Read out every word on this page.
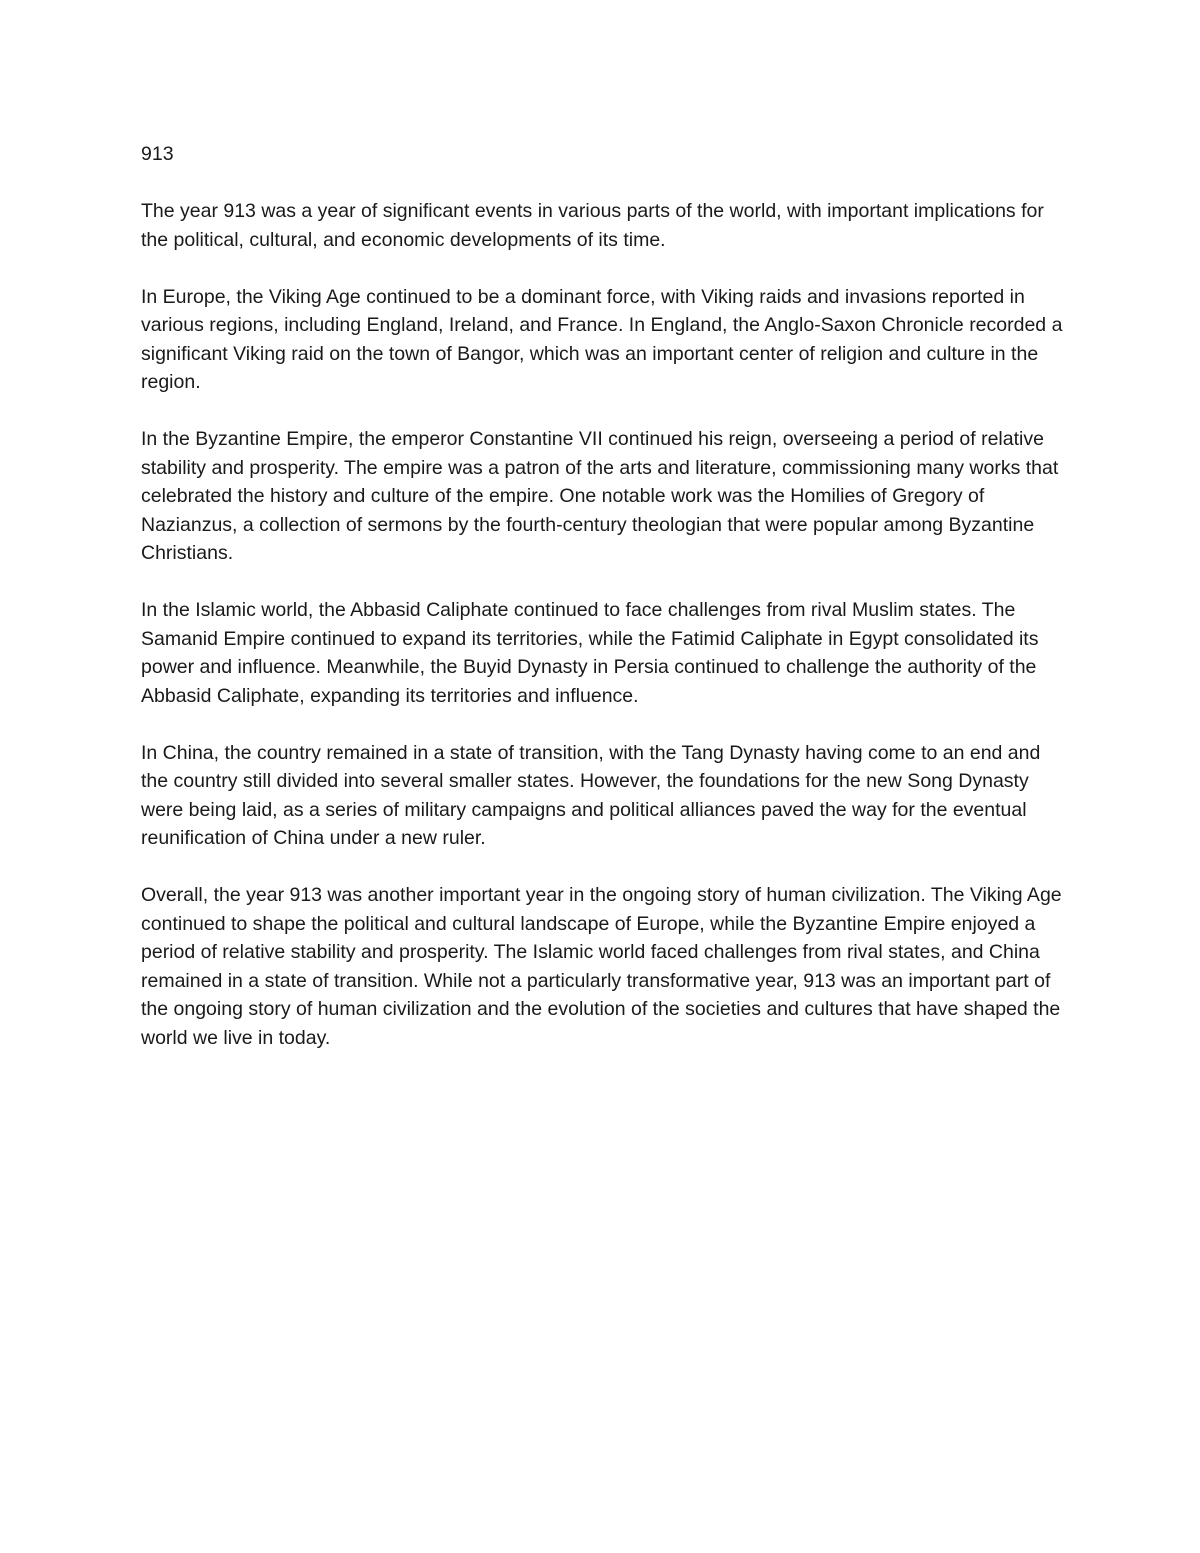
913

The year 913 was a year of significant events in various parts of the world, with important implications for the political, cultural, and economic developments of its time.

In Europe, the Viking Age continued to be a dominant force, with Viking raids and invasions reported in various regions, including England, Ireland, and France. In England, the Anglo-Saxon Chronicle recorded a significant Viking raid on the town of Bangor, which was an important center of religion and culture in the region.

In the Byzantine Empire, the emperor Constantine VII continued his reign, overseeing a period of relative stability and prosperity. The empire was a patron of the arts and literature, commissioning many works that celebrated the history and culture of the empire. One notable work was the Homilies of Gregory of Nazianzus, a collection of sermons by the fourth-century theologian that were popular among Byzantine Christians.

In the Islamic world, the Abbasid Caliphate continued to face challenges from rival Muslim states. The Samanid Empire continued to expand its territories, while the Fatimid Caliphate in Egypt consolidated its power and influence. Meanwhile, the Buyid Dynasty in Persia continued to challenge the authority of the Abbasid Caliphate, expanding its territories and influence.

In China, the country remained in a state of transition, with the Tang Dynasty having come to an end and the country still divided into several smaller states. However, the foundations for the new Song Dynasty were being laid, as a series of military campaigns and political alliances paved the way for the eventual reunification of China under a new ruler.

Overall, the year 913 was another important year in the ongoing story of human civilization. The Viking Age continued to shape the political and cultural landscape of Europe, while the Byzantine Empire enjoyed a period of relative stability and prosperity. The Islamic world faced challenges from rival states, and China remained in a state of transition. While not a particularly transformative year, 913 was an important part of the ongoing story of human civilization and the evolution of the societies and cultures that have shaped the world we live in today.
